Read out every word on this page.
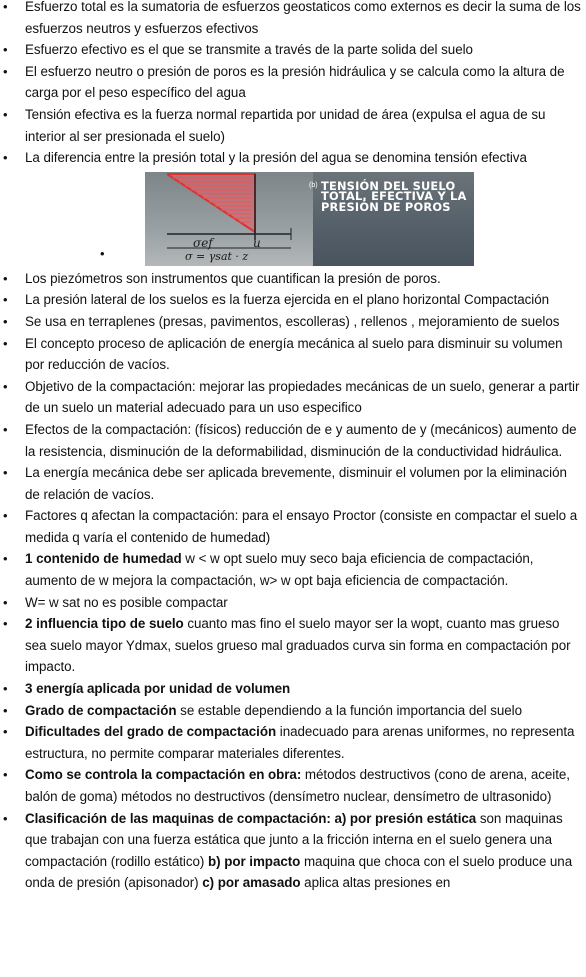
• Esfuerzo total es la sumatoria de esfuerzos geostaticos como externos es decir la suma de los esfuerzos neutros y esfuerzos efectivos
• Esfuerzo efectivo es el que se transmite a través de la parte solida del suelo
• El esfuerzo neutro o presión de poros es la presión hidráulica y se calcula como la altura de carga por el peso específico del agua
• Tensión efectiva es la fuerza normal repartida por unidad de área (expulsa el agua de su interior al ser presionada el suelo)
• La diferencia entre la presión total y la presión del agua se denomina tensión efectiva
(b) TENSIÓN DEL SUELO TOTAL, EFECTIVA Y LA PRESIÓN DE POROS
σef	u
σ = γsat · z
•
• Los piezómetros son instrumentos que cuantifican la presión de poros.
• La presión lateral de los suelos es la fuerza ejercida en el plano horizontal Compactación
• Se usa en terraplenes (presas, pavimentos, escolleras) , rellenos , mejoramiento de suelos
• El concepto proceso de aplicación de energía mecánica al suelo para disminuir su volumen por reducción de vacíos.
• Objetivo de la compactación: mejorar las propiedades mecánicas de un suelo, generar a partir de un suelo un material adecuado para un uso especifico
• Efectos de la compactación: (físicos) reducción de e y aumento de y (mecánicos) aumento de la resistencia, disminución de la deformabilidad, disminución de la conductividad hidráulica.
• La energía mecánica debe ser aplicada brevemente, disminuir el volumen por la eliminación de relación de vacíos.
• Factores q afectan la compactación: para el ensayo Proctor (consiste en compactar el suelo a medida q varía el contenido de humedad)
• 1 contenido de humedad w < w opt suelo muy seco baja eficiencia de compactación, aumento de w mejora la compactación, w> w opt baja eficiencia de compactación.
• W= w sat no es posible compactar
• 2 influencia tipo de suelo cuanto mas fino el suelo mayor ser la wopt, cuanto mas grueso sea suelo mayor Ydmax, suelos grueso mal graduados curva sin forma en compactación por impacto.
• 3 energía aplicada por unidad de volumen
• Grado de compactación se estable dependiendo a la función importancia del suelo
• Dificultades del grado de compactación inadecuado para arenas uniformes, no representa estructura, no permite comparar materiales diferentes.
• Como se controla la compactación en obra: métodos destructivos (cono de arena, aceite, balón de goma) métodos no destructivos (densímetro nuclear, densímetro de ultrasonido)
• Clasificación de las maquinas de compactación: a) por presión estática son maquinas que trabajan con una fuerza estática que junto a la fricción interna en el suelo genera una compactación (rodillo estático) b) por impacto maquina que choca con el suelo produce una onda de presión (apisonador) c) por amasado aplica altas presiones en
